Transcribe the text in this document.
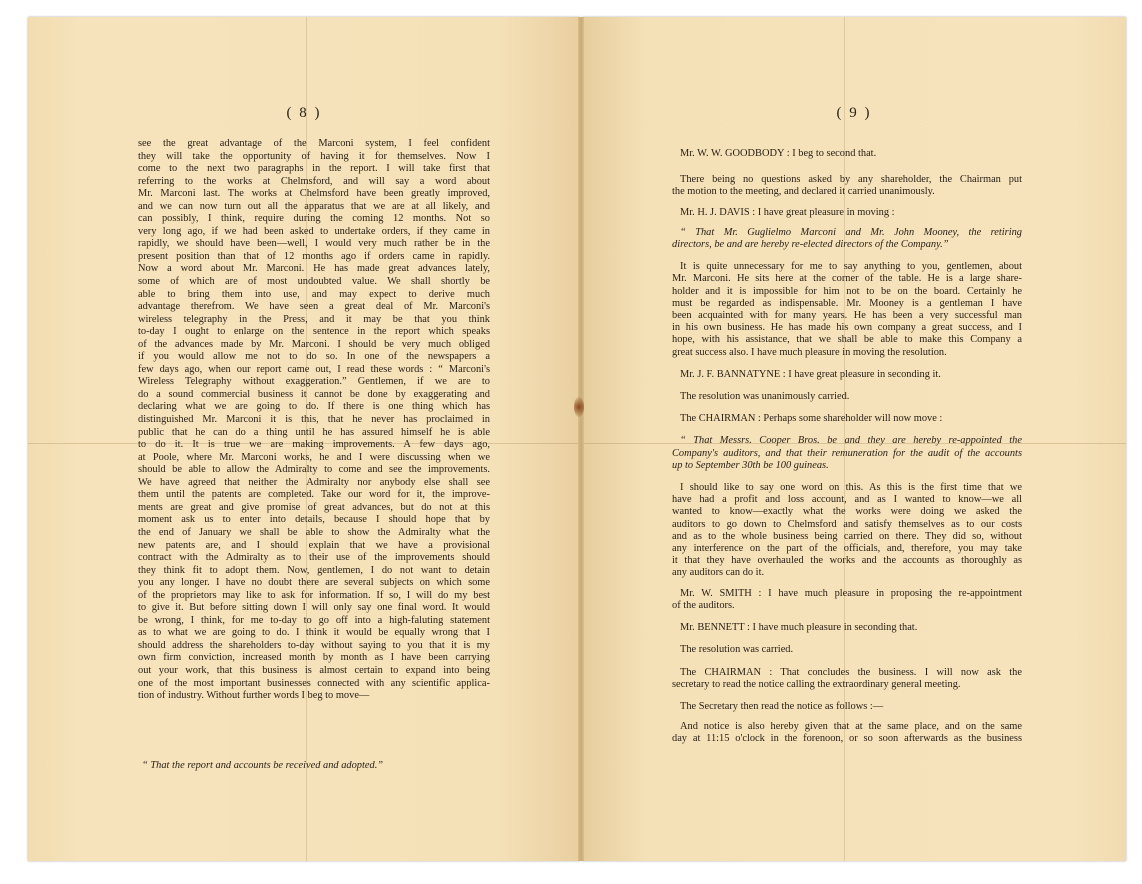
( 8 )
see the great advantage of the Marconi system, I feel confident
they will take the opportunity of having it for themselves. Now I
come to the next two paragraphs in the report. I will take first that
referring to the works at Chelmsford, and will say a word about
Mr. Marconi last. The works at Chelmsford have been greatly improved,
and we can now turn out all the apparatus that we are at all likely, and
can possibly, I think, require during the coming 12 months. Not so
very long ago, if we had been asked to undertake orders, if they came in
rapidly, we should have been—well, I would very much rather be in the
present position than that of 12 months ago if orders came in rapidly.
Now a word about Mr. Marconi. He has made great advances lately,
some of which are of most undoubted value. We shall shortly be
able to bring them into use, and may expect to derive much
advantage therefrom. We have seen a great deal of Mr. Marconi's
wireless telegraphy in the Press, and it may be that you think
to-day I ought to enlarge on the sentence in the report which speaks
of the advances made by Mr. Marconi. I should be very much obliged
if you would allow me not to do so. In one of the newspapers a
few days ago, when our report came out, I read these words : “ Marconi's
Wireless Telegraphy without exaggeration.” Gentlemen, if we are to
do a sound commercial business it cannot be done by exaggerating and
declaring what we are going to do. If there is one thing which has
distinguished Mr. Marconi it is this, that he never has proclaimed in
public that he can do a thing until he has assured himself he is able
to do it. It is true we are making improvements. A few days ago,
at Poole, where Mr. Marconi works, he and I were discussing when we
should be able to allow the Admiralty to come and see the improvements.
We have agreed that neither the Admiralty nor anybody else shall see
them until the patents are completed. Take our word for it, the improve-
ments are great and give promise of great advances, but do not at this
moment ask us to enter into details, because I should hope that by
the end of January we shall be able to show the Admiralty what the
new patents are, and I should explain that we have a provisional
contract with the Admiralty as to their use of the improvements should
they think fit to adopt them. Now, gentlemen, I do not want to detain
you any longer. I have no doubt there are several subjects on which some
of the proprietors may like to ask for information. If so, I will do my best
to give it. But before sitting down I will only say one final word. It would
be wrong, I think, for me to-day to go off into a high-faluting statement
as to what we are going to do. I think it would be equally wrong that I
should address the shareholders to-day without saying to you that it is my
own firm conviction, increased month by month as I have been carrying
out your work, that this business is almost certain to expand into being
one of the most important businesses connected with any scientific applica-
tion of industry. Without further words I beg to move—
“ That the report and accounts be received and adopted.”
( 9 )
Mr. W. W. GOODBODY : I beg to second that.
There being no questions asked by any shareholder, the Chairman put
the motion to the meeting, and declared it carried unanimously.
Mr. H. J. DAVIS : I have great pleasure in moving :
“ That Mr. Guglielmo Marconi and Mr. John Mooney, the retiring
directors, be and are hereby re-elected directors of the Company.”
It is quite unnecessary for me to say anything to you, gentlemen, about
Mr. Marconi. He sits here at the corner of the table. He is a large share-
holder and it is impossible for him not to be on the board. Certainly he
must be regarded as indispensable. Mr. Mooney is a gentleman I have
been acquainted with for many years. He has been a very successful man
in his own business. He has made his own company a great success, and I
hope, with his assistance, that we shall be able to make this Company a
great success also. I have much pleasure in moving the resolution.
Mr. J. F. BANNATYNE : I have great pleasure in seconding it.
The resolution was unanimously carried.
The CHAIRMAN : Perhaps some shareholder will now move :
“ That Messrs. Cooper Bros. be and they are hereby re-appointed the
Company's auditors, and that their remuneration for the audit of the accounts
up to September 30th be 100 guineas.
I should like to say one word on this. As this is the first time that we
have had a profit and loss account, and as I wanted to know—we all
wanted to know—exactly what the works were doing we asked the
auditors to go down to Chelmsford and satisfy themselves as to our costs
and as to the whole business being carried on there. They did so, without
any interference on the part of the officials, and, therefore, you may take
it that they have overhauled the works and the accounts as thoroughly as
any auditors can do it.
Mr. W. SMITH : I have much pleasure in proposing the re-appointment
of the auditors.
Mr. BENNETT : I have much pleasure in seconding that.
The resolution was carried.
The CHAIRMAN : That concludes the business. I will now ask the
secretary to read the notice calling the extraordinary general meeting.
The Secretary then read the notice as follows :—
And notice is also hereby given that at the same place, and on the same
day at 11:15 o'clock in the forenoon, or so soon afterwards as the business
